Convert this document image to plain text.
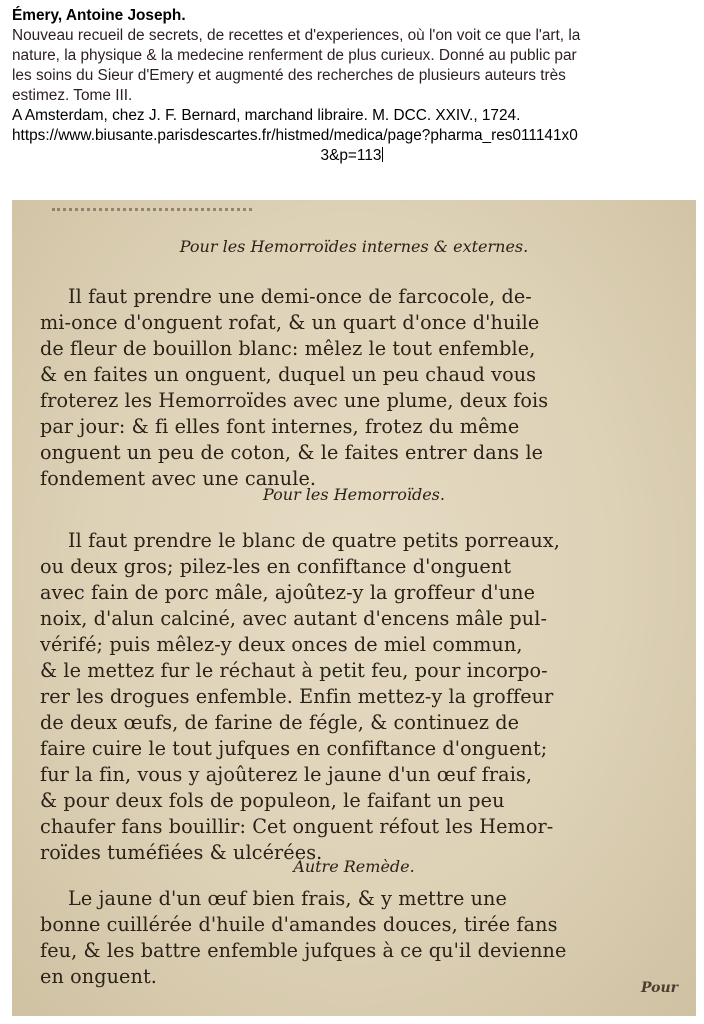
Émery, Antoine Joseph.
Nouveau recueil de secrets, de recettes et d'experiences, où l'on voit ce que l'art, la
nature, la physique & la medecine renferment de plus curieux. Donné au public par
les soins du Sieur d'Emery et augmenté des recherches de plusieurs auteurs très
estimez. Tome III.
A Amsterdam, chez J. F. Bernard, marchand libraire. M. DCC. XXIV., 1724.
https://www.biusante.parisdescartes.fr/histmed/medica/page?pharma_res011141x0
3&p=113
Pour les Hemorroïdes internes & externes.
Il faut prendre une demi-once de farcocole, de-
mi-once d'onguent rofat, & un quart d'once d'huile
de fleur de bouillon blanc: mêlez le tout enfemble,
& en faites un onguent, duquel un peu chaud vous
froterez les Hemorroïdes avec une plume, deux fois
par jour: & fi elles font internes, frotez du même
onguent un peu de coton, & le faites entrer dans le
fondement avec une canule.
Pour les Hemorroïdes.
Il faut prendre le blanc de quatre petits porreaux,
ou deux gros; pilez-les en confiftance d'onguent
avec fain de porc mâle, ajoûtez-y la groffeur d'une
noix, d'alun calciné, avec autant d'encens mâle pul-
vérifé; puis mêlez-y deux onces de miel commun,
& le mettez fur le réchaut à petit feu, pour incorpo-
rer les drogues enfemble. Enfin mettez-y la groffeur
de deux œufs, de farine de fégle, & continuez de
faire cuire le tout jufques en confiftance d'onguent;
fur la fin, vous y ajoûterez le jaune d'un œuf frais,
& pour deux fols de populeon, le faifant un peu
chaufer fans bouillir: Cet onguent réfout les Hemor-
roïdes tuméfiées & ulcérées.
Autre Remède.
Le jaune d'un œuf bien frais, & y mettre une
bonne cuillérée d'huile d'amandes douces, tirée fans
feu, & les battre enfemble jufques à ce qu'il devienne
en onguent.	Pour
